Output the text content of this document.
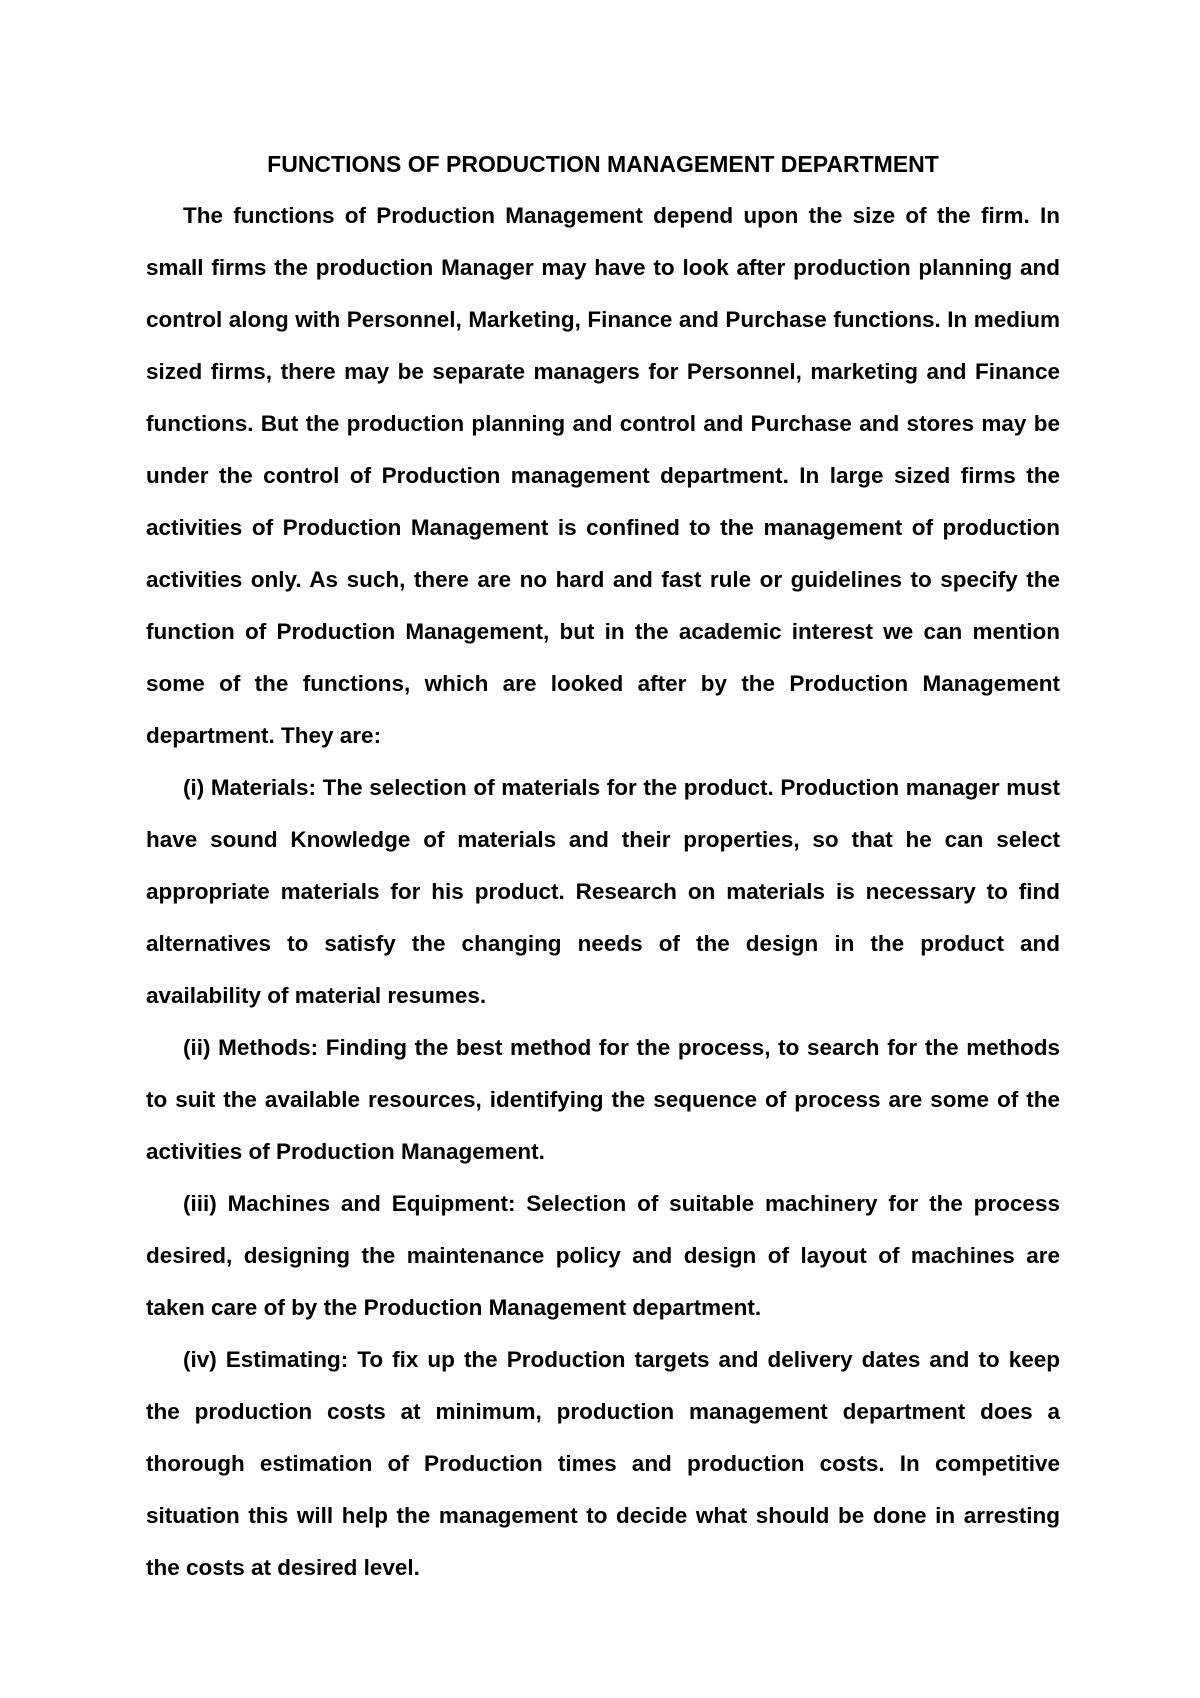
FUNCTIONS OF PRODUCTION MANAGEMENT DEPARTMENT

The functions of Production Management depend upon the size of the firm. In small firms the production Manager may have to look after production planning and control along with Personnel, Marketing, Finance and Purchase functions. In medium sized firms, there may be separate managers for Personnel, marketing and Finance functions. But the production planning and control and Purchase and stores may be under the control of Production management department. In large sized firms the activities of Production Management is confined to the management of production activities only. As such, there are no hard and fast rule or guidelines to specify the function of Production Management, but in the academic interest we can mention some of the functions, which are looked after by the Production Management department. They are:

(i) Materials: The selection of materials for the product. Production manager must have sound Knowledge of materials and their properties, so that he can select appropriate materials for his product. Research on materials is necessary to find alternatives to satisfy the changing needs of the design in the product and availability of material resumes.

(ii) Methods: Finding the best method for the process, to search for the methods to suit the available resources, identifying the sequence of process are some of the activities of Production Management.

(iii) Machines and Equipment: Selection of suitable machinery for the process desired, designing the maintenance policy and design of layout of machines are taken care of by the Production Management department.

(iv) Estimating: To fix up the Production targets and delivery dates and to keep the production costs at minimum, production management department does a thorough estimation of Production times and production costs. In competitive situation this will help the management to decide what should be done in arresting the costs at desired level.
